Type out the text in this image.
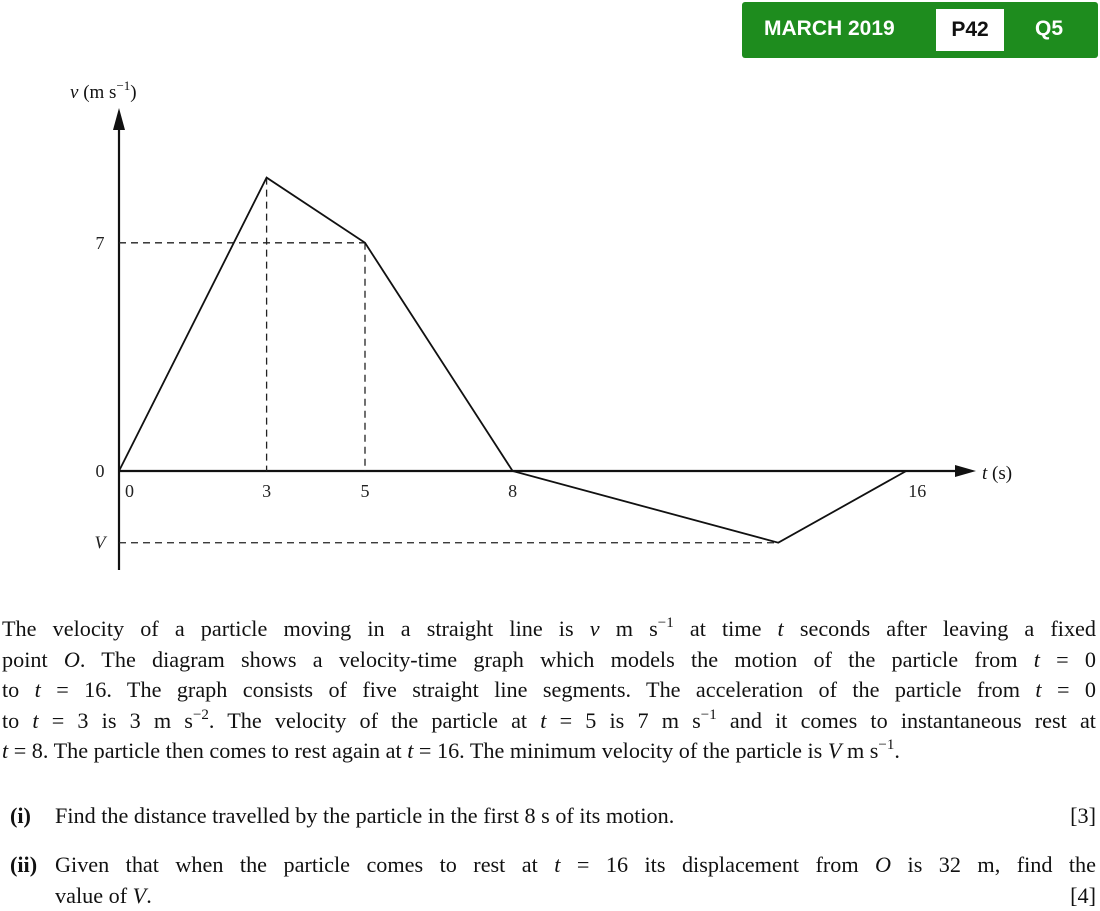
MARCH 2019	P42	Q5
7
0
V
0	3	5	8	16
v (m $s^{-1}$)
t (s)
The velocity of a particle moving in a straight line is v m $s^{-1}$ at time t seconds after leaving a fixed
point O. The diagram shows a velocity-time graph which models the motion of the particle from t = 0
to t = 16. The graph consists of five straight line segments. The acceleration of the particle from t = 0
to t = 3 is 3 m $s^{-2}$. The velocity of the particle at t = 5 is 7 m $s^{-1}$ and it comes to instantaneous rest at
t = 8. The particle then comes to rest again at t = 16. The minimum velocity of the particle is V m $s^{-1}$.
(i) Find the distance travelled by the particle in the first 8 s of its motion.	[3]
(ii) Given that when the particle comes to rest at t = 16 its displacement from O is 32 m, find the
value of V.	[4]
